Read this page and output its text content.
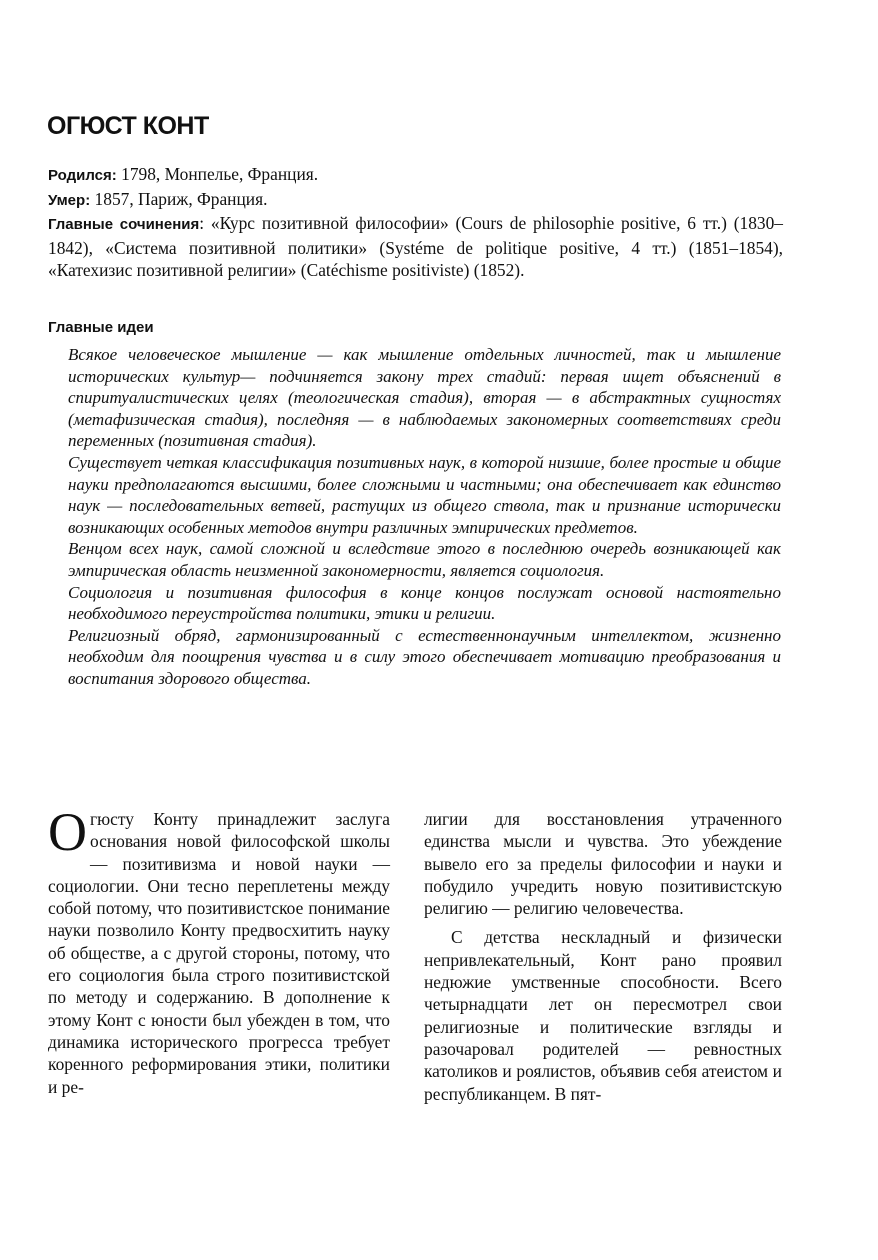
ОГЮСТ КОНТ

Родился: 1798, Монпелье, Франция.

Умер: 1857, Париж, Франция.

Главные сочинения: «Курс позитивной философии» (Cours de philosophie positive, 6 тт.) (1830–1842), «Система позитивной политики» (Systéme de politique positive, 4 тт.) (1851–1854), «Катехизис позитивной религии» (Catéchisme positiviste) (1852).

Главные идеи

Всякое человеческое мышление — как мышление отдельных личностей, так и мышление исторических культур— подчиняется закону трех стадий: первая ищет объяснений в спиритуалистических целях (теологическая стадия), вторая — в абстрактных сущностях (метафизическая стадия), последняя — в наблюдаемых закономерных соответствиях среди переменных (позитивная стадия).

Существует четкая классификация позитивных наук, в которой низшие, более простые и общие науки предполагаются высшими, более сложными и частными; она обеспечивает как единство наук — последовательных ветвей, растущих из общего ствола, так и признание исторически возникающих особенных методов внутри различных эмпирических предметов.

Венцом всех наук, самой сложной и вследствие этого в последнюю очередь возникающей как эмпирическая область неизменной закономерности, является социология.

Социология и позитивная философия в конце концов послужат основой настоятельно необходимого переустройства политики, этики и религии.

Религиозный обряд, гармонизированный с естественнонаучным интеллектом, жизненно необходим для поощрения чувства и в силу этого обеспечивает мотивацию преобразования и воспитания здорового общества.

Огюсту Конту принадлежит заслуга основания новой философской школы — позитивизма и новой науки — социологии. Они тесно переплетены между собой потому, что позитивистское понимание науки позволило Конту предвосхитить науку об обществе, а с другой стороны, потому, что его социология была строго позитивистской по методу и содержанию. В дополнение к этому Конт с юности был убежден в том, что динамика исторического прогресса требует коренного реформирования этики, политики и ре-

лигии для восстановления утраченного единства мысли и чувства. Это убеждение вывело его за пределы философии и науки и побудило учредить новую позитивистскую религию — религию человечества.

С детства нескладный и физически непривлекательный, Конт рано проявил недюжие умственные способности. Всего четырнадцати лет он пересмотрел свои религиозные и политические взгляды и разочаровал родителей — ревностных католиков и роялистов, объявив себя атеистом и республиканцем. В пят-
